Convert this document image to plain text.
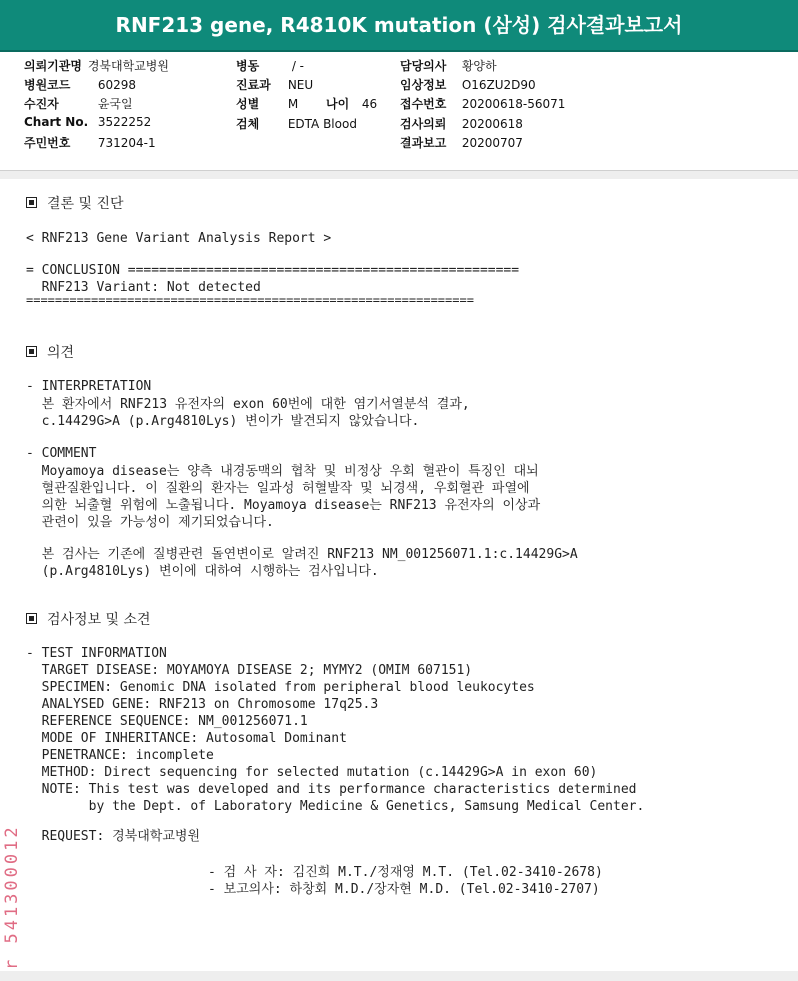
RNF213 gene, R4810K mutation (삼성) 검사결과보고서
의뢰기관명 경북대학교병원
병원코드 60298
수진자	윤국일
Chart No. 3522252
주민번호 731204-1
병동	/ -
진료과 NEU
성별 M 나이 46
검체 EDTA Blood
담당의사 황양하
임상정보 O16ZU2D90
접수번호 20200618-56071
검사의뢰 20200618
결과보고 20200707
결론 및 진단
< RNF213 Gene Variant Analysis Report >
= CONCLUSION ==================================================
RNF213 Variant: Not detected
==============================================================
의견
- INTERPRETATION
본 환자에서 RNF213 유전자의 exon 60번에 대한 염기서열분석 결과,
c.14429G>A (p.Arg4810Lys) 변이가 발견되지 않았습니다.
- COMMENT
Moyamoya disease는 양측 내경동맥의 협착 및 비정상 우회 혈관이 특징인 대뇌
혈관질환입니다. 이 질환의 환자는 일과성 허혈발작 및 뇌경색, 우회혈관 파열에
의한 뇌출혈 위험에 노출됩니다. Moyamoya disease는 RNF213 유전자의 이상과
관련이 있을 가능성이 제기되었습니다.
본 검사는 기존에 질병관련 돌연변이로 알려진 RNF213 NM_001256071.1:c.14429G>A
(p.Arg4810Lys) 변이에 대하여 시행하는 검사입니다.
검사정보 및 소견
- TEST INFORMATION
TARGET DISEASE: MOYAMOYA DISEASE 2; MYMY2 (OMIM 607151)
SPECIMEN: Genomic DNA isolated from peripheral blood leukocytes
ANALYSED GENE: RNF213 on Chromosome 17q25.3
REFERENCE SEQUENCE: NM_001256071.1
MODE OF INHERITANCE: Autosomal Dominant
PENETRANCE: incomplete
METHOD: Direct sequencing for selected mutation (c.14429G>A in exon 60)
NOTE: This test was developed and its performance characteristics determined
by the Dept. of Laboratory Medicine & Genetics, Samsung Medical Center.
REQUEST: 경북대학교병원
- 검 사 자: 김진희 M.T./정재영 M.T. (Tel.02-3410-2678)
- 보고의사: 하창회 M.D./장자현 M.D. (Tel.02-3410-2707)
r 541300012
